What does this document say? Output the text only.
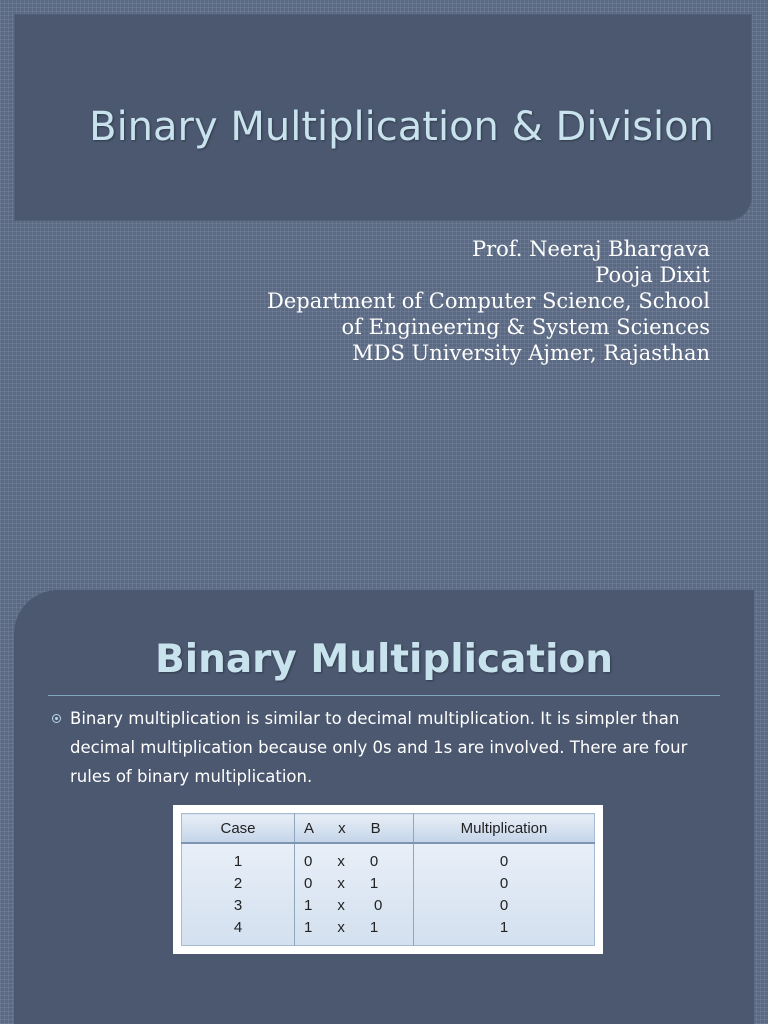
Binary Multiplication & Division
Prof. Neeraj Bhargava
Pooja Dixit
Department of Computer Science, School
of Engineering & System Sciences
MDS University Ajmer, Rajasthan
Binary Multiplication

Binary multiplication is similar to decimal multiplication. It is simpler than decimal multiplication because only 0s and 1s are involved. There are four rules of binary multiplication.

Case	A      x      B	Multiplication
1	0      x      0	0
2	0      x      1	0
3	1      x       0	0
4	1      x      1	1
